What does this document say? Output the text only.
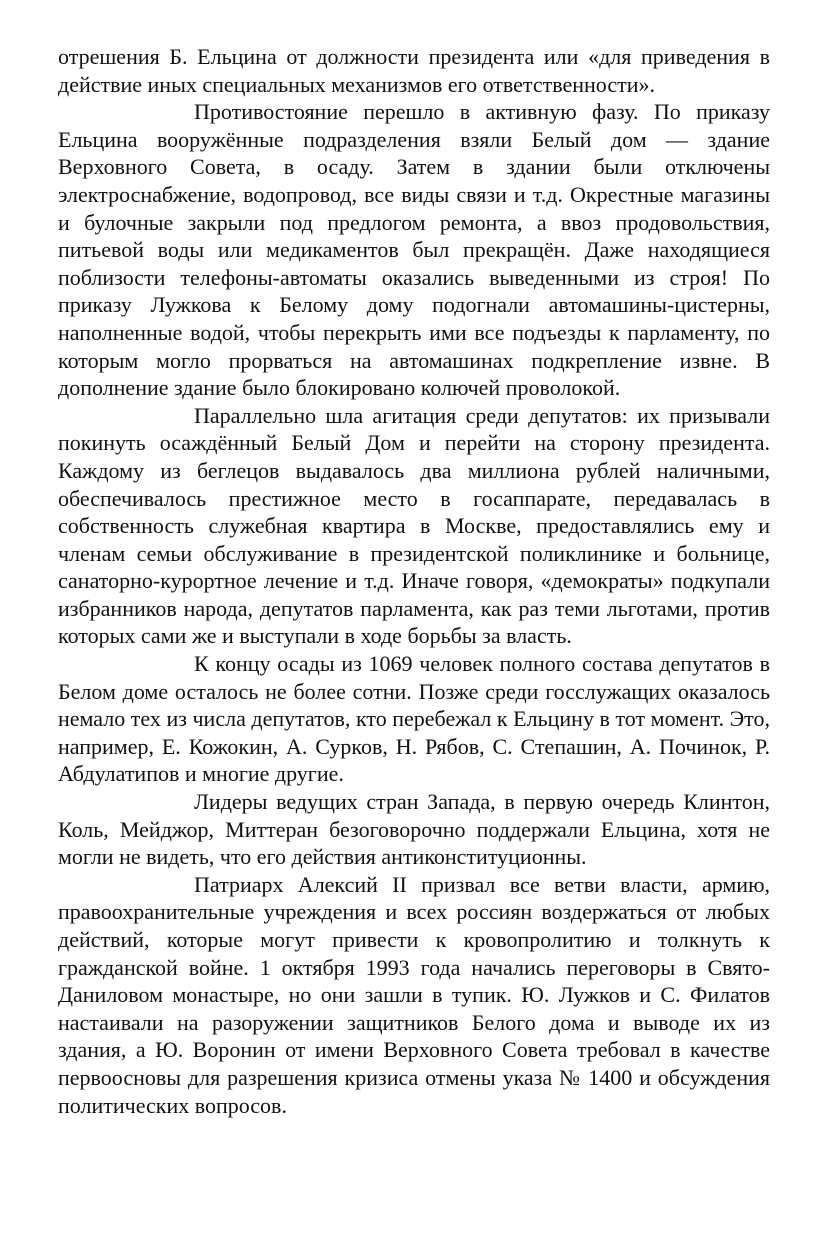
отрешения Б. Ельцина от должности президента или «для приведения в действие иных специальных механизмов его ответственности».

Противостояние перешло в активную фазу. По приказу Ельцина вооружённые подразделения взяли Белый дом — здание Верховного Совета, в осаду. Затем в здании были отключены электроснабжение, водопровод, все виды связи и т.д. Окрестные магазины и булочные закрыли под предлогом ремонта, а ввоз продовольствия, питьевой воды или медикаментов был прекращён. Даже находящиеся поблизости телефоны-автоматы оказались выведенными из строя! По приказу Лужкова к Белому дому подогнали автомашины-цистерны, наполненные водой, чтобы перекрыть ими все подъезды к парламенту, по которым могло прорваться на автомашинах подкрепление извне. В дополнение здание было блокировано колючей проволокой.

Параллельно шла агитация среди депутатов: их призывали покинуть осаждённый Белый Дом и перейти на сторону президента. Каждому из беглецов выдавалось два миллиона рублей наличными, обеспечивалось престижное место в госаппарате, передавалась в собственность служебная квартира в Москве, предоставлялись ему и членам семьи обслуживание в президентской поликлинике и больнице, санаторно-курортное лечение и т.д. Иначе говоря, «демократы» подкупали избранников народа, депутатов парламента, как раз теми льготами, против которых сами же и выступали в ходе борьбы за власть.

К концу осады из 1069 человек полного состава депутатов в Белом доме осталось не более сотни. Позже среди госслужащих оказалось немало тех из числа депутатов, кто перебежал к Ельцину в тот момент. Это, например, Е. Кожокин, А. Сурков, Н. Рябов, С. Степашин, А. Починок, Р. Абдулатипов и многие другие.

Лидеры ведущих стран Запада, в первую очередь Клинтон, Коль, Мейджор, Миттеран безоговорочно поддержали Ельцина, хотя не могли не видеть, что его действия антиконституционны.

Патриарх Алексий II призвал все ветви власти, армию, правоохранительные учреждения и всех россиян воздержаться от любых действий, которые могут привести к кровопролитию и толкнуть к гражданской войне. 1 октября 1993 года начались переговоры в Свято-Даниловом монастыре, но они зашли в тупик. Ю. Лужков и С. Филатов настаивали на разоружении защитников Белого дома и выводе их из здания, а Ю. Воронин от имени Верховного Совета требовал в качестве первоосновы для разрешения кризиса отмены указа № 1400 и обсуждения политических вопросов.
